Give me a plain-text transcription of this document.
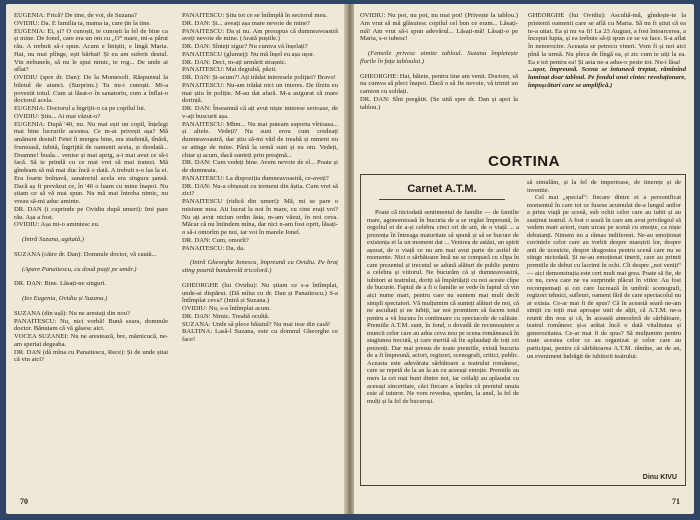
EUGENIA: Frică? De tine, de voi, de Suzana?

OVIDIU: Da. E familia ta, mama ta, care țin la tine.

EUGENIA: Ei, și? O cunoști, te cunoști la fel de bine ca și mine. De Ionel, care era un om cu „O“ mare, mi-a părut rău. A trebuit să-i spun. Acum e liniștit, e lingă Maria. Hai, nu mai plînge, ești bărbat! Și eu am suferit destul. Vin nebunele, să nu le spui nimic, te rog... De unde ai aflat?

OVIDIU (spre dr. Dan): De la Montesoli. Răspunsul la biletul de atunci. (Surprins.) Tu nu-i cunoști. Mi-a povestit totul. Cum ai lăsat-o în sanatoriu, cum a înflat-o doctorul acela.

EUGENIA: Doctorul a îngrijit-o ca pe copilul lui.

OVIDIU: Știu... Ai mai văzut-o?

EUGENIA: După '40, nu. Nu mai ești un copil, înțelegi mai bine lucrurile acestea. Ce m-ai privești așa? Mă amănunt destul! Fetei îi mergea bine, era studentă, tînără, frumoasă, iubită, îngrijită de oamenii aceia, și deodată... Doamne! boala... venise și mai aprig, a-i mai avut ce să-i facă. Să te prindă cu ce mai vrei să mai tratezi. Mă gîndeam să mă mai duc încă o dată. A trebuit s-o las la ei. Era foarte bolnavă, sanatoriul acela era singura șansă. Dacă aș fi prevăzut ce, în '40 o luam cu mine înapoi. Nu știam ce să vă mai spun. Nu mă mai întreba nimic, nu vreau să-mi aduc aminte.

DR. DAN (i cuprinde pe Ovidiu după umeri): Imi pare rău. Așa a fost.

OVIDIU: Așa mi-o amintesc eu.

(Intră Suzana, agitată.)

SUZANA (către dr. Dan): Domnule doctor, vă caută...

(Apare Panaitescu, cu două pușți pe umăr.)

DR. DAN: Bine. Lăsați-ne singuri.

(Ies Eugenia, Ovidiu și Suzana.)

SUZANA (din ușă): Nu ne arestați din nou?

PANAITESCU: Nu, nici vorbă! Bună seara, domnule doctor. Bănuiam că vă găsesc aici.

VOCEA SUZANEI: Nu ne arestează, bre, mămicucă, ne-am speriat degeaba.

DR. DAN (dă mîna cu Panaitescu, Rece): Și de unde știai că vin aici?

PANAITESCU: Știu tot ce se întîmplă în sectorul meu.

DR. DAN: Și... aveați așa mare nevoie de mine?

PANAITESCU: Da și nu. Am presupus că dumneavoastră aveți nevoie de mine. (Arată puștile.)

DR. DAN: Sînteți sigur? Nu cumva vă înșelați?

PANAITESCU (glumeț): Nu mă înșel eu așa ușor.

DR. DAN: Deci, m-ați urmărit strașnic.

PANAITESCU: Mai degrabă, păzit.

DR. DAN: Și-acum?! Ați trădat interesele poliției? Bravo!

PANAITESCU: Nu-am trădat nici un interes. De tîrziu eu mai știu în poliție. M-au dat afară. M-a asigurat că mare dorință.

DR. DAN: Înseamnă că ați avut niște interese serioase, de v-ați buscurit așa.

PANAITESCU: Mhm... Nu mai puteam suporta vîrtoasa... și altele. Vedeți? Nu sunt erou cum credeați dumneavoastră, dar știu să-mi văd de treabă și nimeni nu se atinge de mine. Până la urmă sunt și eu om. Vedeți, chiar și acum, dacă sunteți prin preajmă...

DR. DAN: Cum vedeți bine. Avem nevoie de el... Poate și de dumneata.

PANAITESCU: La dispoziția dumneavoastră, ce-aveți?

DR. DAN: Nu-a obișnuit cu termeni din ăștia. Cum vrei să zici?

PANAITESCU (ridică din umeri): Mă, mi se pare o misiune mea. Ati lucrat la noi în mare, cu cine erați voi? Nu ați avut niciun ordin ăsta, m-am văzut, în noi ceva. Măcar că nu întindem mîna, dar nici n-am fost oprit, lăsați-o să-i omorîm pe noi, iar voi în marele Ionel.

DR. DAN: Cum, omorît?

PANAITESCU: Da, da.

(Intră Gheorghe Ionescu, împreună cu Ovidiu. Pe braț sting poartă banderolă tricoloră.)

GHEORGHE (lui Ovidiu): Nu știam ce s-a întîmplat, unde-ai dispărut. (Dă mîna cu dr. Dan și Panaitescu.) S-a întîmplat ceva? (Intră și Suzana.)

OVIDIU: Nu, s-a întîmplat acum.

DR. DAN: Nimic. Treabă ocultă.

SUZANA: Unde să plece băiatul? Nu mai iese din casă!

BALTINA: Lasă-l Suzana, este cu domnul Gheorghe ce face!

70

OVIDIU: Nu pot, nu pot, nu mai pot! (Privește la tablou.) Am vrut să mă glăsuiesc copilul cel bun ce eram... Lăsați-mă! Am vrut să-i spun adevărul... Lăsați-mă! Lăsați-o pe Maria, s-o iubesc!

(Femeile privesc uimite tabloul. Suzana împletește florile în fața tabloului.)

GHEORGHE: Hai, băiete, pentru tine am venit. Doctore, să nu cumva să pleci înapoi. Dacă o să fie nevoie, vă trimit un camion cu soldați.

DR. DAN: Sînt pregătit. (Se uită spre dr. Dan și apoi la tablou.)

GHEORGHE (lui Ovidiu): Ascultă-mă, gîndește-te la prietenii oamenii care se află cu Maria. Să nu fi știut că ea te-a uitat. Ea și nu va fi! La 23 August, a fost întoarcerea, a început lupta, și ea trebuie să-ți spun ce se va face. S-a aflat în nenorocire. Aceasta se petrecu vineri. Vom fi și noi aici pînă la urmă. Nu pleca de lîngă ea, și zic cum te uiți la ea. Ea e tot pentru ea! Și asta ne-a adus-o peste tot. Nu-i lăsa!

...ușor, împreună. Scena se întunecă treptat, rămînînd luminat doar tabloul. Pe fondul unei cîntec revoluționare, împușcături care se amplifică.)

CORTINA
Carnet A.T.M.

Poate că niciodată sentimentul de familie — de familie mare, agonomioasă în bucuria de a se regăsi împreună, în orgoliul ei de a-și celebra cinci ori de ani, de o viață ... a prezența în întreaga maturitate să spună și să se bucure de existența ei la un moment dat ... Venirea de astăzi, un spirit așezat, de o viață ce nu am mai avut parte de astfel de momente. Nici o sărbătoare însă nu se compară cu clipa în care prezentul și trecutul se adună alături de public pentru a celebra și viitorul. Ne bucurăm că și dumneavoastră, iubitori ai teatrului, doriți să împărtășiți cu noi aceste clipe de bucurie. Faptul de a fi o familie se vede în faptul că vin aici nume mari, pentru care nu suntem mai mult decît simpli spectatori. Vă mulțumim că sunteți alături de noi, că ne ascultați și ne iubiți, iar noi promitem să facem totul pentru a vă bucura în continuare cu spectacole de calitate. Premiile A.T.M. sunt, în fond, o dovadă de recunoaștere a muncii celor care au adus ceva nou pe scena românească în stagiunea trecută, și care merită să fie aplaudați de toți cei prezenți. Dar mai presus de toate premiile, există bucuria de a fi împreună, actori, regizori, scenografi, critici, public. Aceasta este adevărata sărbătoare a teatrului românesc, care se repetă de la an la an cu aceeași emoție. Premiile au mers la cei mai buni dintre noi, iar ceilalți au aplaudat cu aceeași sinceritate, căci fiecare a înțeles că premiul unuia este al tuturor. Ne vom revedea, sperăm, la anul, la fel de mulți și la fel de bucuroși.

să simulăm, și la fel de imperioase, de tinerețe și de inventie.

Cel mai „special“: fiecare dintre ei a personificat momentul în care tot ce fusese acumulat de-a lungul anilor a prins viață pe scenă, sub ochii celor care au iubit și au susținut teatrul. A fost o seară în care am avut privilegiul să vedem mari actori, cum urcau pe scenă cu emoție, ca niște debutanți. Nimeni nu a rămas indiferent. Ne-au emoționat cuvintele celor care au vorbit despre maeștrii lor, despre anii de ucenicie, despre dragostea pentru scenă care nu se stinge niciodată. Și ne-au emoționat tinerii, care au primit premiile de debut cu lacrimi în ochi. Cît despre „noi veniți“ — aici demonstrația este cert mult mai grea. Poate să fie, de ce nu, ceva care ne va surprinde plăcut în viitor. Au fost recompensați și cei care lucrează în umbră: scenografi, regizori tehnici, sufleuri, oameni fără de care spectacolul nu ar exista. Ce-ar mai fi de spus? Că în această seară ne-am simțit cu toții mai aproape unii de alții, că A.T.M. ne-a reunit din nou și că, în această atmosferă de sărbătoare, teatrul românesc și-a arătat încă o dată vitalitatea și generozitatea. Ce-ar mai fi de spus? Să mulțumim pentru toate acestea celor ce au organizat și celor care au participat, pentru că sărbătoarea A.T.M. rămîne, an de an, un eveniment îndrăgit de iubitorii teatrului.

Dinu KIVU
71
